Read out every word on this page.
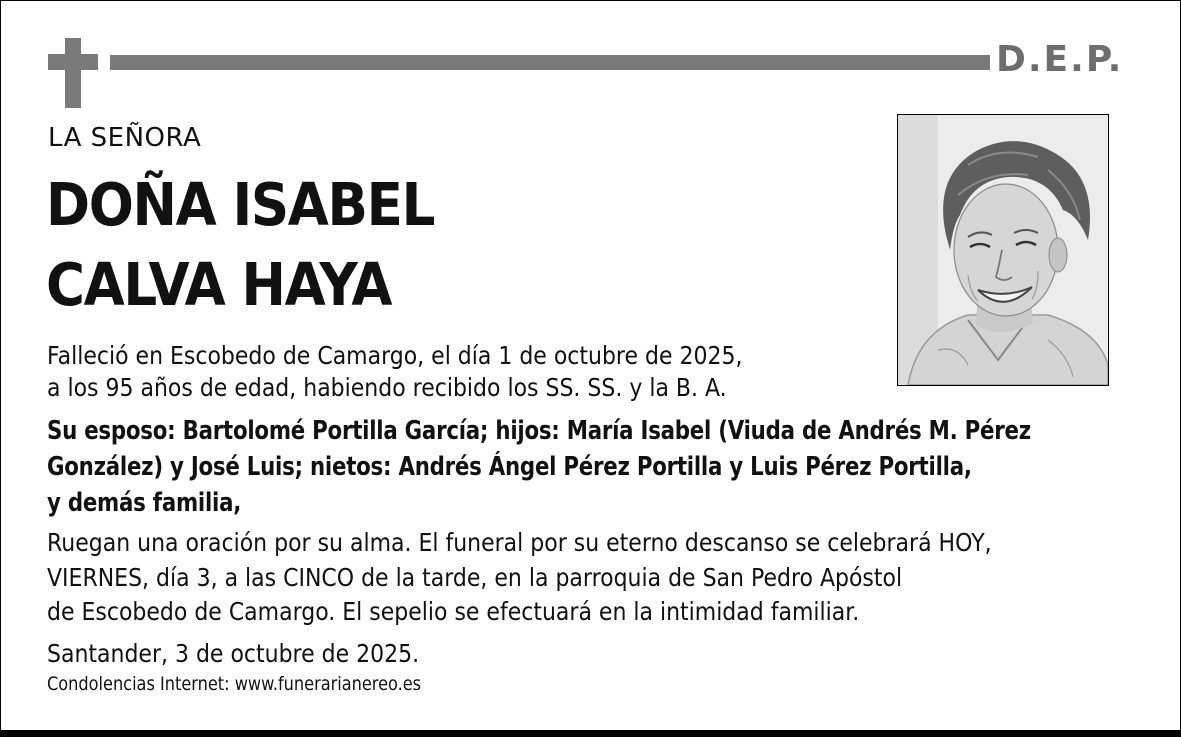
D.E.P.
LA SEÑORA
DOÑA ISABEL
CALVA HAYA
Falleció en Escobedo de Camargo, el día 1 de octubre de 2025,
a los 95 años de edad, habiendo recibido los SS. SS. y la B. A.
Su esposo: Bartolomé Portilla García; hijos: María Isabel (Viuda de Andrés M. Pérez
González) y José Luis; nietos: Andrés Ángel Pérez Portilla y Luis Pérez Portilla,
y demás familia,
Ruegan una oración por su alma. El funeral por su eterno descanso se celebrará HOY,
VIERNES, día 3, a las CINCO de la tarde, en la parroquia de San Pedro Apóstol
de Escobedo de Camargo. El sepelio se efectuará en la intimidad familiar.
Santander, 3 de octubre de 2025.
Condolencias Internet: www.funerarianereo.es
